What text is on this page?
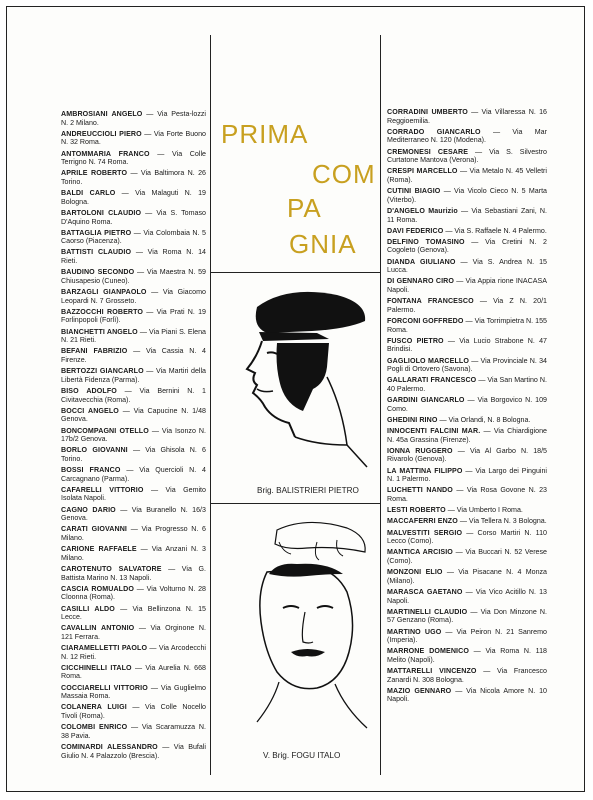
AMBROSIANI ANGELO — Via Pesta-lozzi N. 2 Milano.
ANDREUCCIOLI PIERO — Via Forte Buono N. 32 Roma.
ANTOMMARIA FRANCO — Via Colle Terrigno N. 74 Roma.
APRILE ROBERTO — Via Baltimora N. 26 Torino.
BALDI CARLO — Via Malaguti N. 19 Bologna.
BARTOLONI CLAUDIO — Via S. Tomaso D'Aquino Roma.
BATTAGLIA PIETRO — Via Colombaia N. 5 Caorso (Piacenza).
BATTISTI CLAUDIO — Via Roma N. 14 Rieti.
BAUDINO SECONDO — Via Maestra N. 59 Chiusapesio (Cuneo).
BARZAGLI GIANPAOLO — Via Giacomo Leopardi N. 7 Grosseto.
BAZZOCCHI ROBERTO — Via Prati N. 19 Forlinpopoli (Forlì).
BIANCHETTI ANGELO — Via Piani S. Elena N. 21 Rieti.
BEFANI FABRIZIO — Via Cassia N. 4 Firenze.
BERTOZZI GIANCARLO — Via Martiri della Libertà Fidenza (Parma).
BISO ADOLFO — Via Bernini N. 1 Civitavecchia (Roma).
BOCCI ANGELO — Via Capucine N. 1/48 Genova.
BONCOMPAGNI OTELLO — Via Isonzo N. 17b/2 Genova.
BORLO GIOVANNI — Via Ghisola N. 6 Torino.
BOSSI FRANCO — Via Quercioli N. 4 Carcagnano (Parma).
CAFARELLI VITTORIO — Via Gemito Isolata Napoli.
CAGNO DARIO — Via Buranello N. 16/3 Genova.
CARATI GIOVANNI — Via Progresso N. 6 Milano.
CARIONE RAFFAELE — Via Anzani N. 3 Milano.
CAROTENUTO SALVATORE — Via G. Battista Marino N. 13 Napoli.
CASCIA ROMUALDO — Via Volturno N. 28 Cloonna (Roma).
CASILLI ALDO — Via Bellinzona N. 15 Lecce.
CAVALLIN ANTONIO — Via Orginone N. 121 Ferrara.
CIARAMELLETTI PAOLO — Via Arcodecchi N. 12 Rieti.
CICCHINELLI ITALO — Via Aurelia N. 668 Roma.
COCCIARELLI VITTORIO — Via Guglielmo Massaia Roma.
COLANERA LUIGI — Via Colle Nocello Tivoli (Roma).
COLOMBI ENRICO — Via Scaramuzza N. 38 Pavia.
COMINARDI ALESSANDRO — Via Bufali Giulio N. 4 Palazzolo (Brescia).
PRIMA
COM
PA
GNIA
Brig. BALISTRIERI PIETRO
V. Brig. FOGU ITALO
CORRADINI UMBERTO — Via Villaressa N. 16 Reggioemilia.
CORRADO GIANCARLO — Via Mar Mediterraneo N. 120 (Modena).
CREMONESI CESARE — Via S. Silvestro Curtatone Mantova (Verona).
CRESPI MARCELLO — Via Metalo N. 45 Velletri (Roma).
CUTINI BIAGIO — Via Vicolo Cieco N. 5 Marta (Viterbo).
D'ANGELO Maurizio — Via Sebastiani Zani, N. 11 Roma.
DAVI FEDERICO — Via S. Raffaele N. 4 Palermo.
DELFINO TOMASINO — Via Cretini N. 2 Cogoleto (Genova).
DIANDA GIULIANO — Via S. Andrea N. 15 Lucca.
DI GENNARO CIRO — Via Appia rione INACASA Napoli.
FONTANA FRANCESCO — Via Z N. 20/1 Palermo.
FORCONI GOFFREDO — Via Torrimpietra N. 155 Roma.
FUSCO PIETRO — Via Lucio Strabone N. 47 Brindisi.
GAGLIOLO MARCELLO — Via Provinciale N. 34 Pogli di Ortovero (Savona).
GALLARATI FRANCESCO — Via San Martino N. 40 Palermo.
GARDINI GIANCARLO — Via Borgovico N. 109 Como.
GHEDINI RINO — Via Orlandi, N. 8 Bologna.
INNOCENTI FALCINI MAR. — Via Chiardigione N. 45a Grassina (Firenze).
IONNA RUGGERO — Via Al Garbo N. 18/5 Rivarolo (Genova).
LA MATTINA FILIPPO — Via Largo dei Pinguini N. 1 Palermo.
LUCHETTI NANDO — Via Rosa Govone N. 23 Roma.
LESTI ROBERTO — Via Umberto I Roma.
MACCAFERRI ENZO — Via Tellera N. 3 Bologna.
MALVESTITI SERGIO — Corso Martiri N. 110 Lecco (Como).
MANTICA ARCISIO — Via Buccari N. 52 Verese (Como).
MONZONI ELIO — Via Pisacane N. 4 Monza (Milano).
MARASCA GAETANO — Via Vico Acitillo N. 13 Napoli.
MARTINELLI CLAUDIO — Via Don Minzone N. 57 Genzano (Roma).
MARTINO UGO — Via Peiron N. 21 Sanremo (Imperia).
MARRONE DOMENICO — Via Roma N. 118 Melito (Napoli).
MATTARELLI VINCENZO — Via Francesco Zanardi N. 308 Bologna.
MAZIO GENNARO — Via Nicola Amore N. 10 Napoli.
